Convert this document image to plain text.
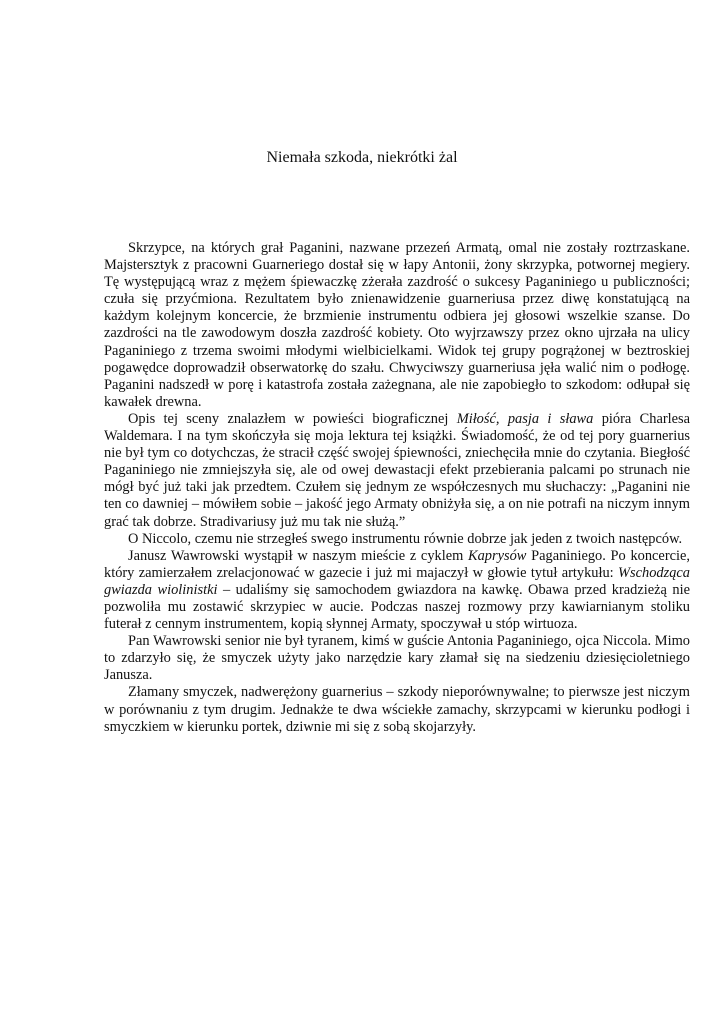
Niemała szkoda, niekrótki żal

Skrzypce, na których grał Paganini, nazwane przezeń Armatą, omal nie zostały roztrzaskane. Majstersztyk z pracowni Guarneriego dostał się w łapy Antonii, żony skrzypka, potwornej megiery. Tę występującą wraz z mężem śpiewaczkę zżerała zazdrość o sukcesy Paganiniego u publiczności; czuła się przyćmiona. Rezultatem było znienawidzenie guarneriusa przez diwę konstatującą na każdym kolejnym koncercie, że brzmienie instrumentu odbiera jej głosowi wszelkie szanse. Do zazdrości na tle zawodowym doszła zazdrość kobiety. Oto wyjrzawszy przez okno ujrzała na ulicy Paganiniego z trzema swoimi młodymi wielbicielkami. Widok tej grupy pogrążonej w beztroskiej pogawędce doprowadził obserwatorkę do szału. Chwyciwszy guarneriusa jęła walić nim o podłogę. Paganini nadszedł w porę i katastrofa została zażegnana, ale nie zapobiegło to szkodom: odłupał się kawałek drewna.

Opis tej sceny znalazłem w powieści biograficznej Miłość, pasja i sława pióra Charlesa Waldemara. I na tym skończyła się moja lektura tej książki. Świadomość, że od tej pory guarnerius nie był tym co dotychczas, że stracił część swojej śpiewności, zniechęciła mnie do czytania. Biegłość Paganiniego nie zmniejszyła się, ale od owej dewastacji efekt przebierania palcami po strunach nie mógł być już taki jak przedtem. Czułem się jednym ze współczesnych mu słuchaczy: „Paganini nie ten co dawniej – mówiłem sobie – jakość jego Armaty obniżyła się, a on nie potrafi na niczym innym grać tak dobrze. Stradivariusy już mu tak nie służą.”

O Niccolo, czemu nie strzegłeś swego instrumentu równie dobrze jak jeden z twoich następców.

Janusz Wawrowski wystąpił w naszym mieście z cyklem Kaprysów Paganiniego. Po koncercie, który zamierzałem zrelacjonować w gazecie i już mi majaczył w głowie tytuł artykułu: Wschodząca gwiazda wiolinistki – udaliśmy się samochodem gwiazdora na kawkę. Obawa przed kradzieżą nie pozwoliła mu zostawić skrzypiec w aucie. Podczas naszej rozmowy przy kawiarnianym stoliku futerał z cennym instrumentem, kopią słynnej Armaty, spoczywał u stóp wirtuoza.

Pan Wawrowski senior nie był tyranem, kimś w guście Antonia Paganiniego, ojca Niccola. Mimo to zdarzyło się, że smyczek użyty jako narzędzie kary złamał się na siedzeniu dziesięcioletniego Janusza.

Złamany smyczek, nadwerężony guarnerius – szkody nieporównywalne; to pierwsze jest niczym w porównaniu z tym drugim. Jednakże te dwa wściekłe zamachy, skrzypcami w kierunku podłogi i smyczkiem w kierunku portek, dziwnie mi się z sobą skojarzyły.
